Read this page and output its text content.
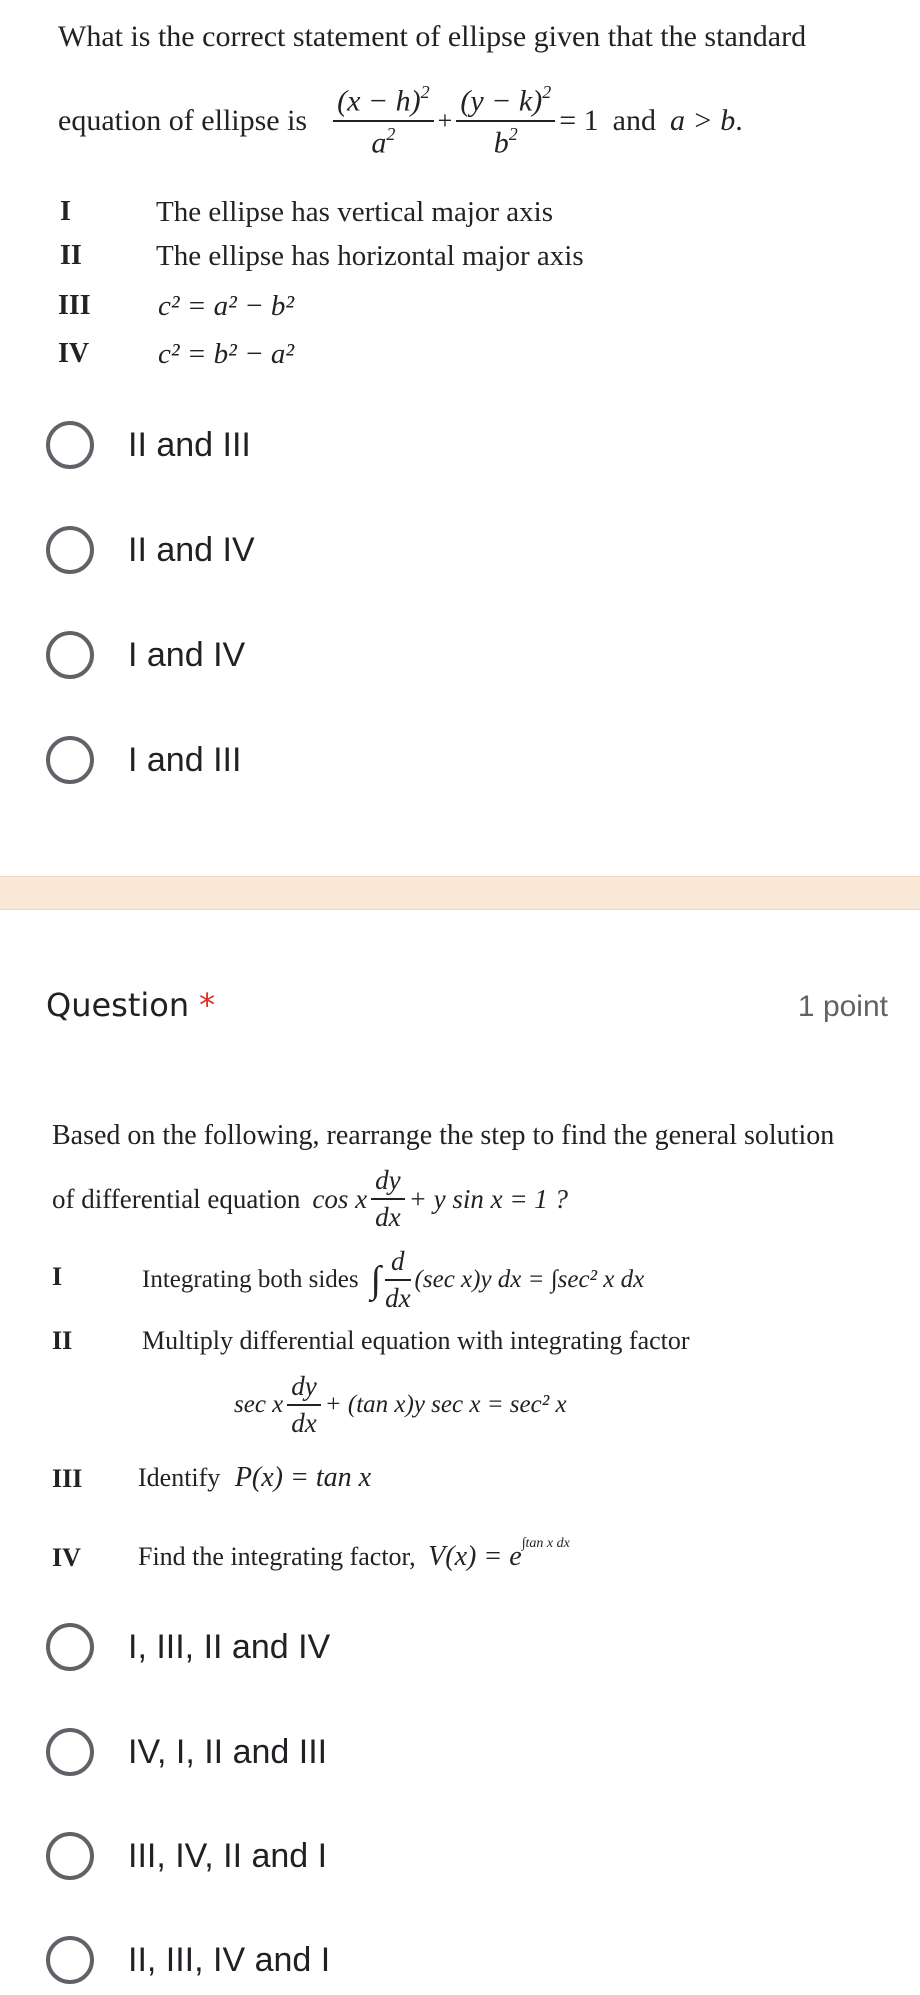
What is the correct statement of ellipse given that the standard
equation of ellipse is $\frac{(x - h)^2}{a^2} + \frac{(y - k)^2}{b^2} = 1$ and a > b .
I	The ellipse has vertical major axis
II	The ellipse has horizontal major axis
III c² = a² − b²
IV c² = b² − a²
II and III
II and IV
I and IV
I and III
Question *	1 point
Based on the following, rearrange the step to find the general solution
of differential equation cos x $\frac{dy}{dx} + y$ sin x = 1 ?
I	Integrating both sides ∫ $\frac{d}{dx} (\sec$ x)y dx = ∫sec² x dx
II	Multiply differential equation with integrating factor
sec x $\frac{dy}{dx} + (\tan$ x)y sec x = sec² x
III Identify P(x) = tan x
IV Find the integrating factor, $V(x) = e^{\int tan x dx}$
I, III, II and IV
IV, I, II and III
III, IV, II and I
II, III, IV and I
